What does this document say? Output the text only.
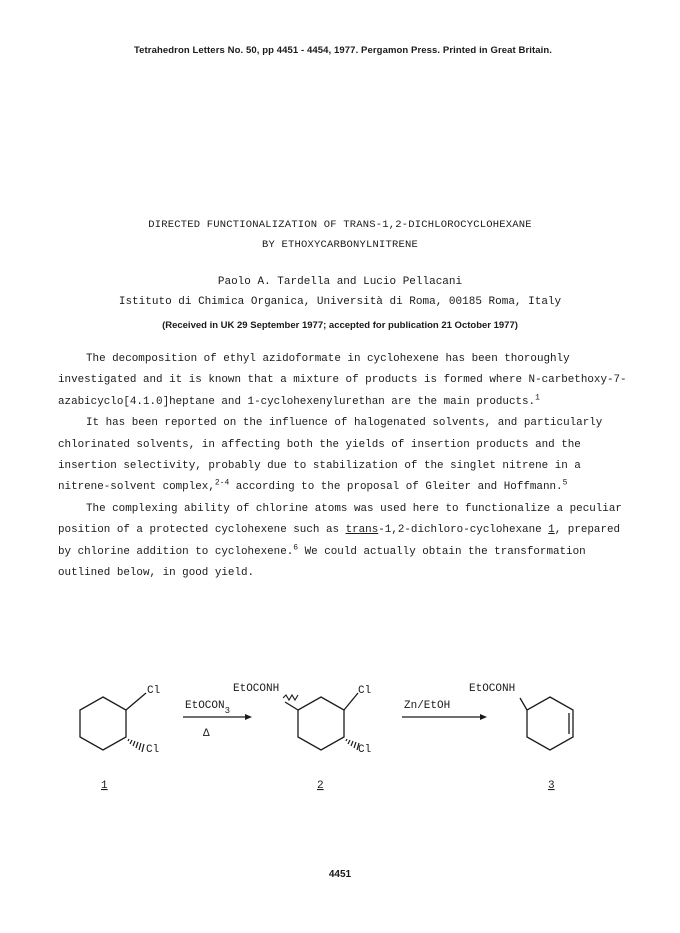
Tetrahedron Letters No. 50, pp 4451 - 4454, 1977. Pergamon Press. Printed in Great Britain.
DIRECTED FUNCTIONALIZATION OF TRANS-1,2-DICHLOROCYCLOHEXANE
BY ETHOXYCARBONYLNITRENE
Paolo A. Tardella and Lucio Pellacani
Istituto di Chimica Organica, Università di Roma, 00185 Roma, Italy
(Received in UK 29 September 1977; accepted for publication 21 October 1977)

The decomposition of ethyl azidoformate in cyclohexene has been thoroughly investigated and it is known that a mixture of products is formed where N-carbethoxy-7-azabicyclo[4.1.0]heptane and 1-cyclohexenylurethan are the main products.$^1$

It has been reported on the influence of halogenated solvents, and particularly chlorinated solvents, in affecting both the yields of insertion products and the insertion selectivity, probably due to stabilization of the singlet nitrene in a nitrene-solvent complex,$^{2-4}$ according to the proposal of Gleiter and Hoffmann.$^5$

The complexing ability of chlorine atoms was used here to functionalize a peculiar position of a protected cyclohexene such as trans-1,2-dichloro-cyclohexane 1, prepared by chlorine addition to cyclohexene.$^6$ We could actually obtain the transformation outlined below, in good yield.

Cl
Cl
EtOCON$_3$
Δ
EtOCONH	Cl
Cl
Zn/EtOH
EtOCONH
1	2	3
4451
